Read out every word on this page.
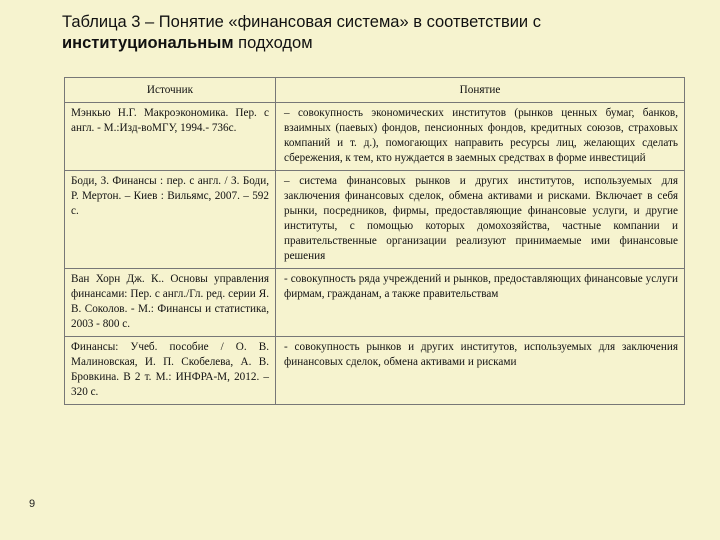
Таблица 3 – Понятие «финансовая система» в соответствии с
институциональным подходом
Источник	Понятие
Мэнкью Н.Г. Макроэкономика. Пер. с англ. - М.:Изд-воМГУ, 1994.- 736с.	– совокупность экономических институтов (рынков ценных бумаг, банков, взаимных (паевых) фондов, пенсионных фондов, кредитных союзов, страховых компаний и т. д.), помогающих направить ресурсы лиц, желающих сделать сбережения, к тем, кто нуждается в заемных средствах в форме инвестиций
Боди, З. Финансы : пер. с англ. / З. Боди, Р. Мертон. – Киев : Вильямс, 2007. – 592 с.	– система финансовых рынков и других институтов, используемых для заключения финансовых сделок, обмена активами и рисками. Включает в себя рынки, посредников, фирмы, предоставляющие финансовые услуги, и другие институты, с помощью которых домохозяйства, частные компании и правительственные организации реализуют принимаемые ими финансовые решения
Ван Хорн Дж. К.. Основы управления финансами: Пер. с англ./Гл. ред. серии Я. В. Соколов. - М.: Финансы и статистика, 2003 - 800 с.	- совокупность ряда учреждений и рынков, предоставляющих финансовые услуги фирмам, гражданам, а также правительствам
Финансы: Учеб. пособие / О. В. Малиновская, И. П. Скобелева, А. В. Бровкина. В 2 т. М.: ИНФРА-М, 2012. – 320 с.	- совокупность рынков и других институтов, используемых для заключения финансовых сделок, обмена активами и рисками
9
